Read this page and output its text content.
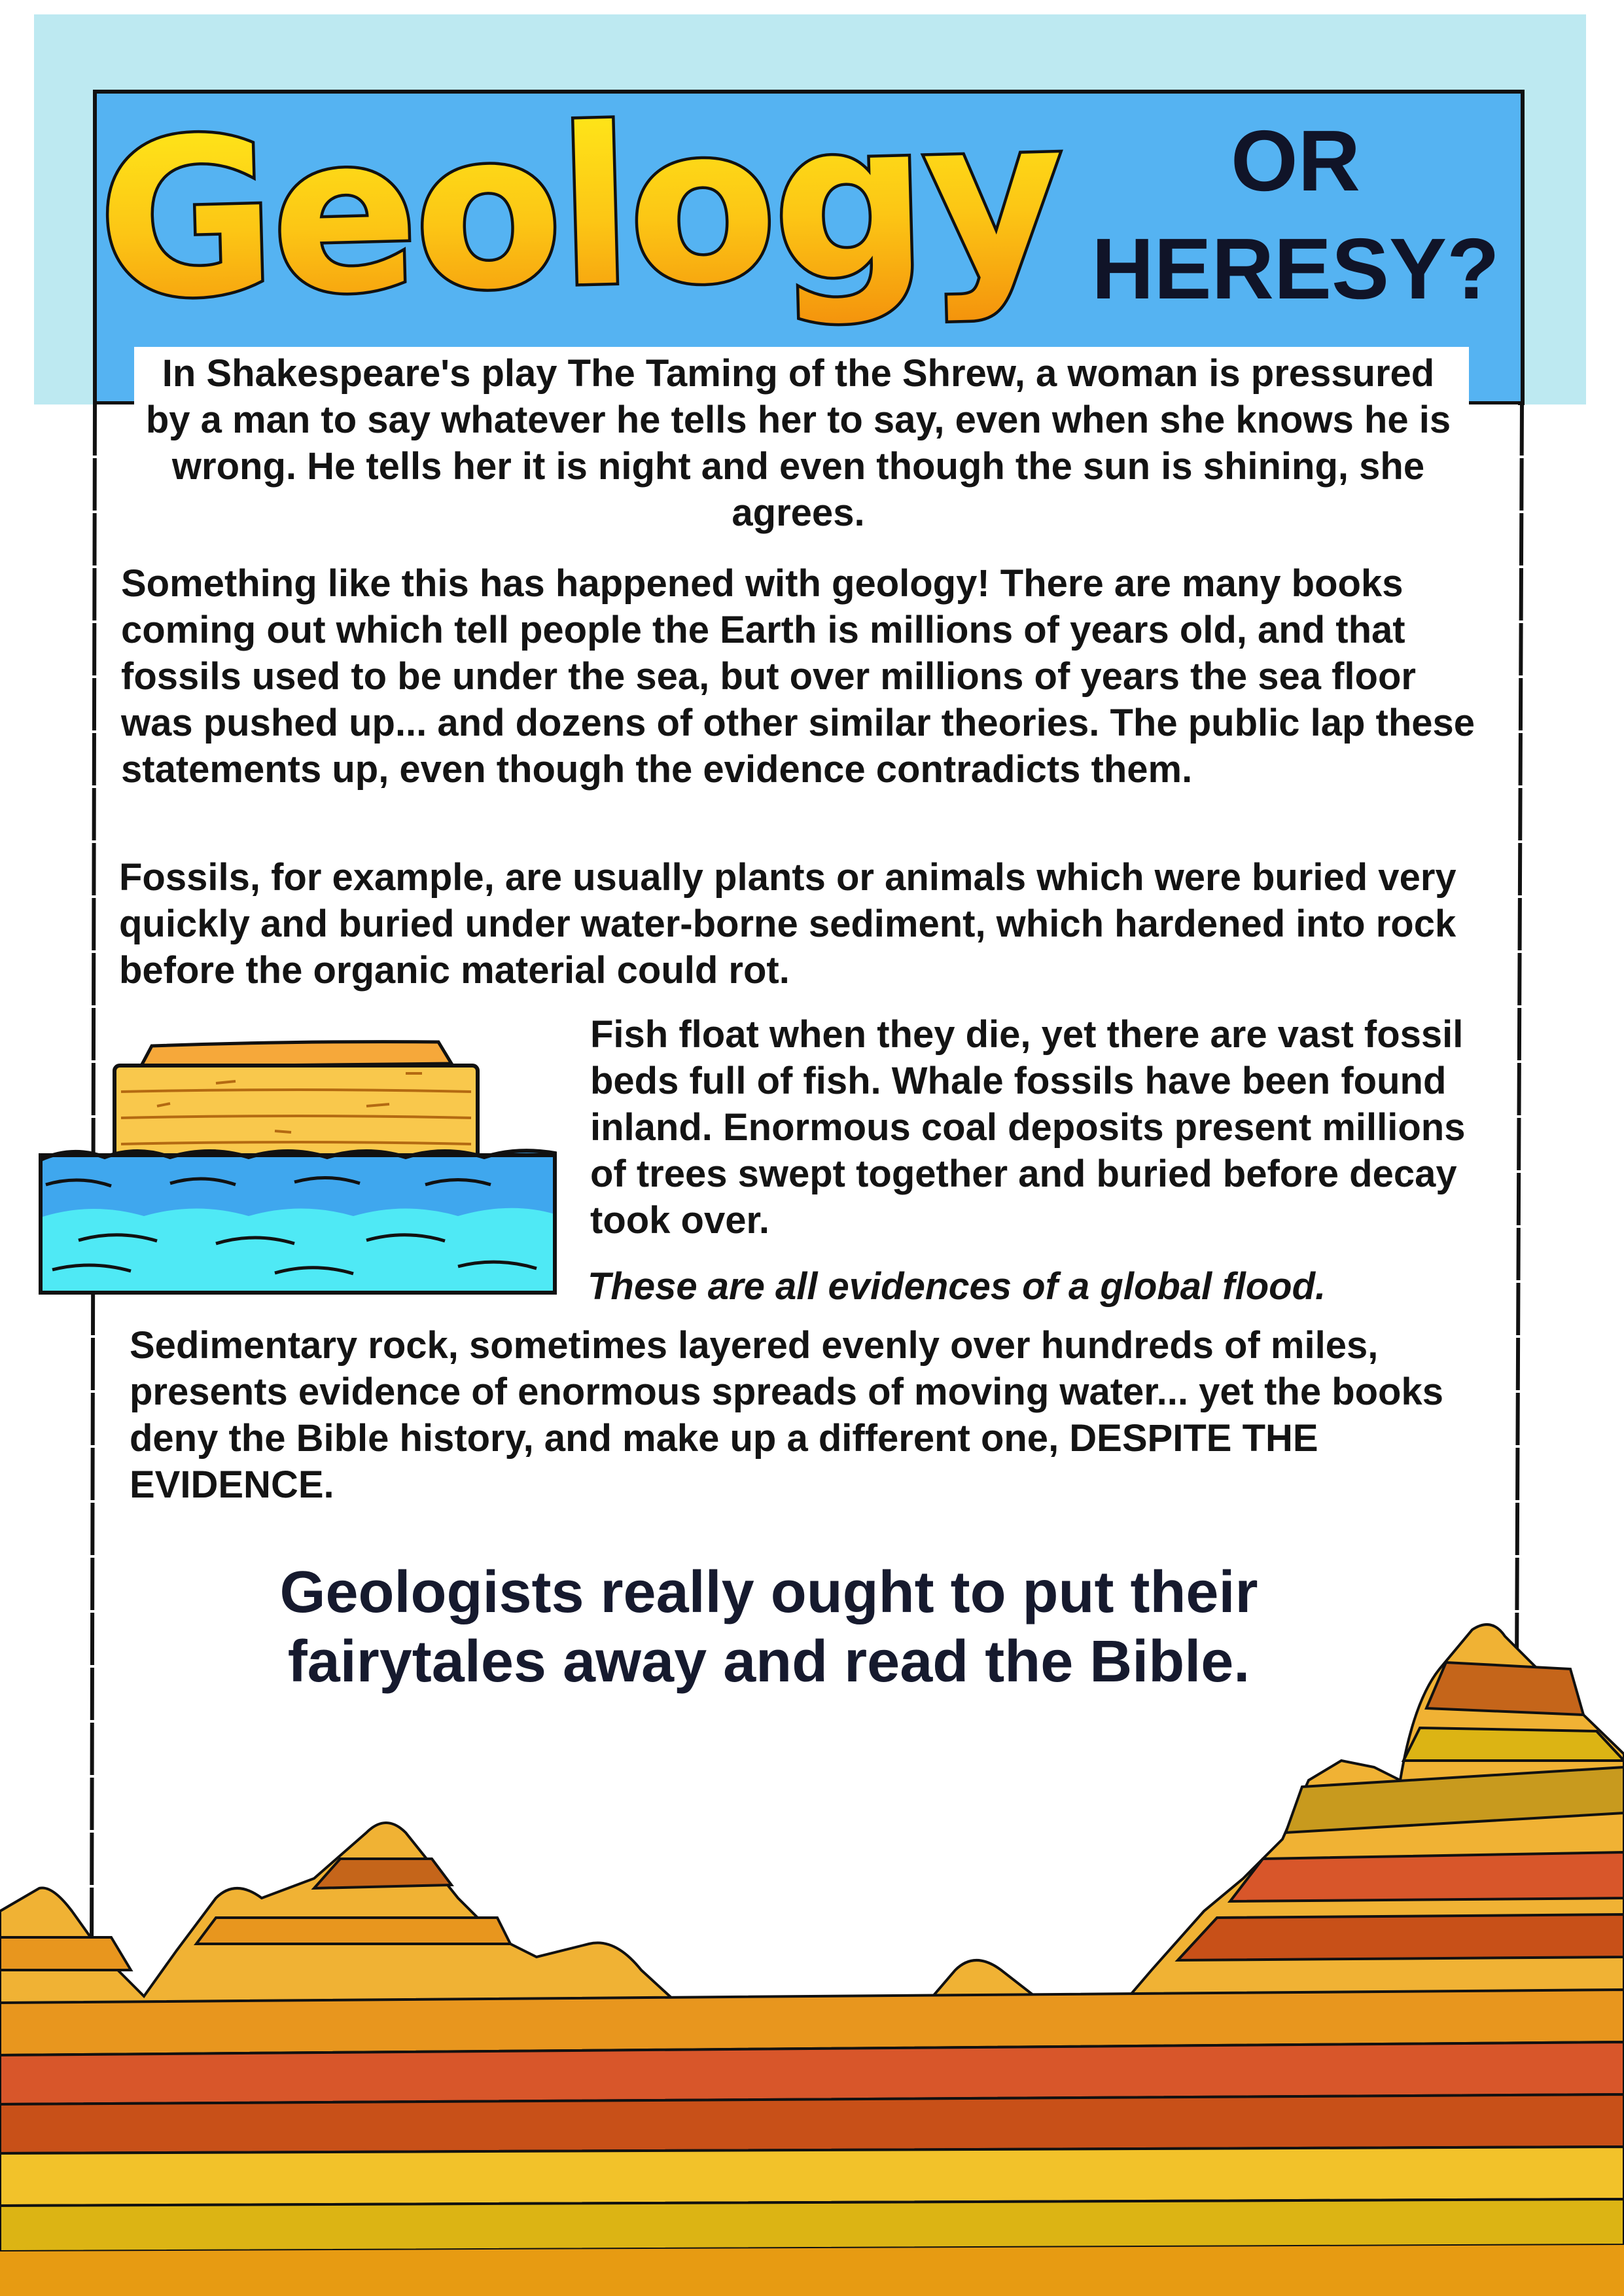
Geology	OR
HERESY?

In Shakespeare's play The Taming of the Shrew, a woman is pressured by a man to say whatever he tells her to say, even when she knows he is wrong. He tells her it is night and even though the sun is shining, she agrees.

Something like this has happened with geology! There are many books coming out which tell people the Earth is millions of years old, and that fossils used to be under the sea, but over millions of years the sea floor was pushed up... and dozens of other similar theories. The public lap these statements up, even though the evidence contradicts them.

Fossils, for example, are usually plants or animals which were buried very quickly and buried under water-borne sediment, which hardened into rock before the organic material could rot.

Fish float when they die, yet there are vast fossil beds full of fish. Whale fossils have been found inland. Enormous coal deposits present millions of trees swept together and buried before decay took over.

These are all evidences of a global flood.

Sedimentary rock, sometimes layered evenly over hundreds of miles, presents evidence of enormous spreads of moving water... yet the books deny the Bible history, and make up a different one, DESPITE THE EVIDENCE.

Geologists really ought to put their fairytales away and read the Bible.
